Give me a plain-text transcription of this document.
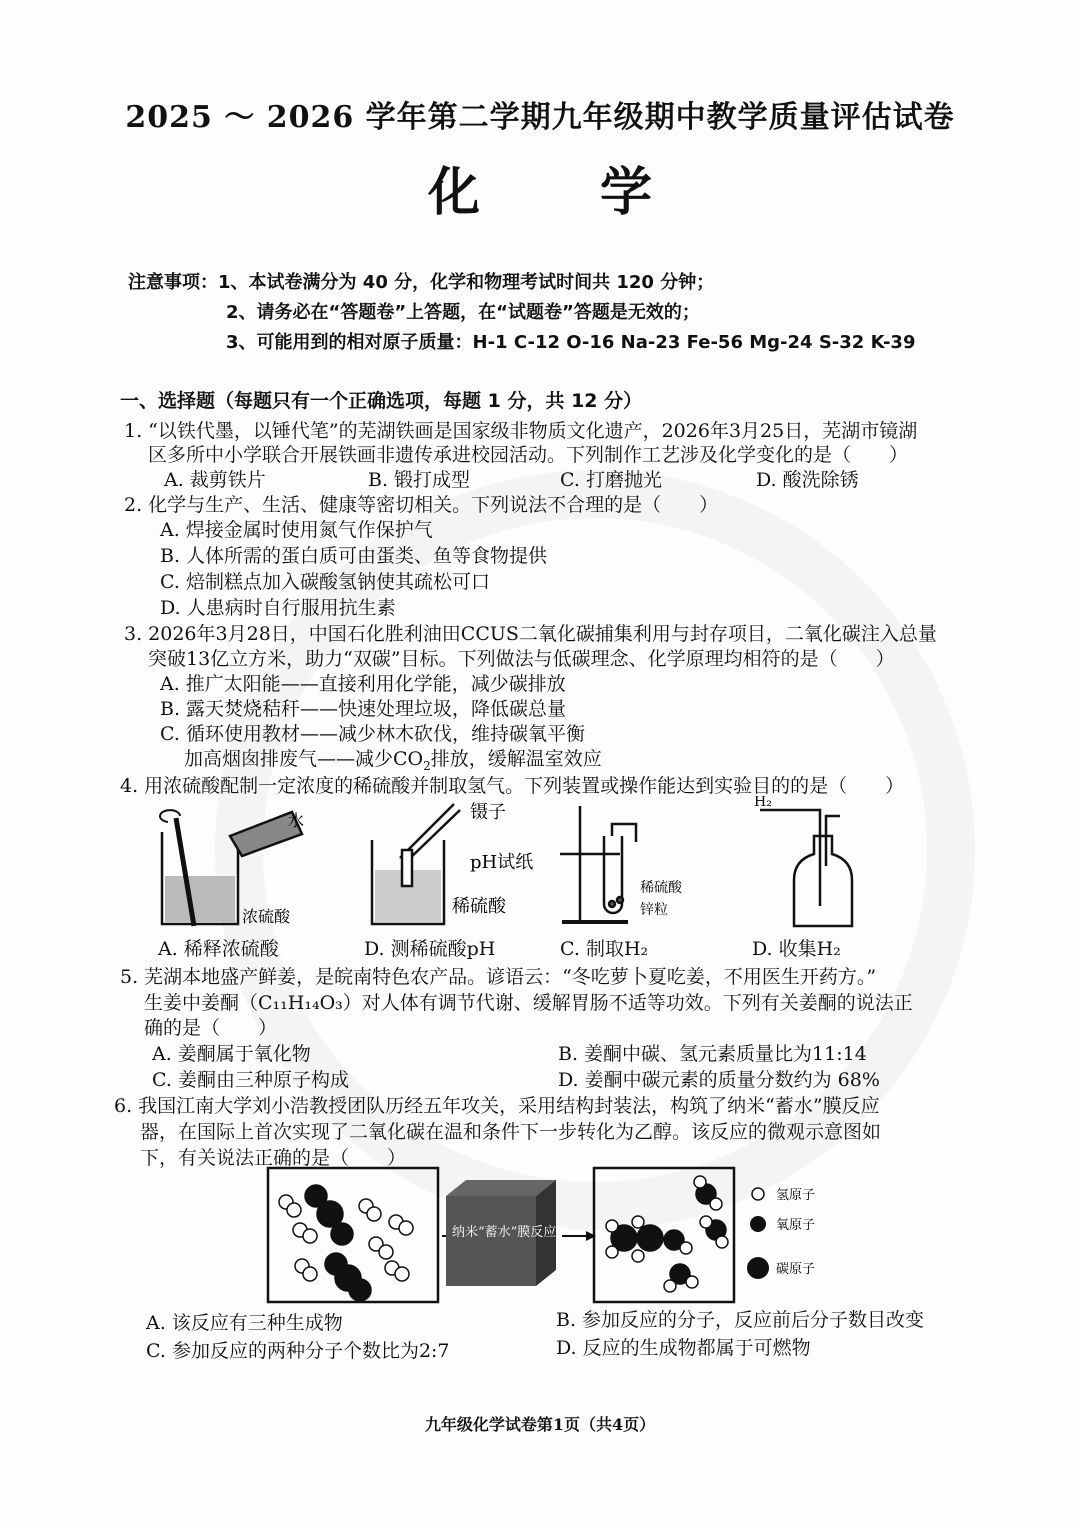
2025 ～ 2026 学年第二学期九年级期中教学质量评估试卷
化学
注意事项：1、本试卷满分为 40 分，化学和物理考试时间共 120 分钟；
2、请务必在“答题卷”上答题，在“试题卷”答题是无效的；
3、可能用到的相对原子质量：H-1 C-12 O-16 Na-23 Fe-56 Mg-24 S-32 K-39
一、选择题（每题只有一个正确选项，每题 1 分，共 12 分）
1. “以铁代墨，以锤代笔”的芜湖铁画是国家级非物质文化遗产，2026年3月25日，芜湖市镜湖
区多所中小学联合开展铁画非遗传承进校园活动。下列制作工艺涉及化学变化的是（　　）
A. 裁剪铁片	B. 锻打成型	C. 打磨抛光	D. 酸洗除锈
2. 化学与生产、生活、健康等密切相关。下列说法不合理的是（　　）
A. 焊接金属时使用氮气作保护气
B. 人体所需的蛋白质可由蛋类、鱼等食物提供
C. 焙制糕点加入碳酸氢钠使其疏松可口
D. 人患病时自行服用抗生素
3. 2026年3月28日，中国石化胜利油田CCUS二氧化碳捕集利用与封存项目，二氧化碳注入总量
突破13亿立方米，助力“双碳”目标。下列做法与低碳理念、化学原理均相符的是（　　）
A. 推广太阳能——直接利用化学能，减少碳排放
B. 露天焚烧秸秆——快速处理垃圾，降低碳总量
C. 循环使用教材——减少林木砍伐，维持碳氧平衡
加高烟囱排废气——减少$CO_2$排放，缓解温室效应
4. 用浓硫酸配制一定浓度的稀硫酸并制取氢气。下列装置或操作能达到实验目的的是（　　）
水
浓硫酸
镊子
pH试纸
稀硫酸
稀硫酸
锌粒
H₂
A. 稀释浓硫酸	D. 测稀硫酸pH	C. 制取H₂	D. 收集H₂
5. 芜湖本地盛产鲜姜，是皖南特色农产品。谚语云：“冬吃萝卜夏吃姜，不用医生开药方。”
生姜中姜酮（C₁₁H₁₄O₃）对人体有调节代谢、缓解胃肠不适等功效。下列有关姜酮的说法正
确的是（　　）
A. 姜酮属于氧化物	B. 姜酮中碳、氢元素质量比为11:14
C. 姜酮由三种原子构成	D. 姜酮中碳元素的质量分数约为 68%
6. 我国江南大学刘小浩教授团队历经五年攻关，采用结构封装法，构筑了纳米“蓄水”膜反应
器，在国际上首次实现了二氧化碳在温和条件下一步转化为乙醇。该反应的微观示意图如
下，有关说法正确的是（　　）
纳米“蓄水”膜反应器
氢原子
氧原子
碳原子
A. 该反应有三种生成物	B. 参加反应的分子，反应前后分子数目改变
C. 参加反应的两种分子个数比为2:7	D. 反应的生成物都属于可燃物
九年级化学试卷第1页（共4页）
